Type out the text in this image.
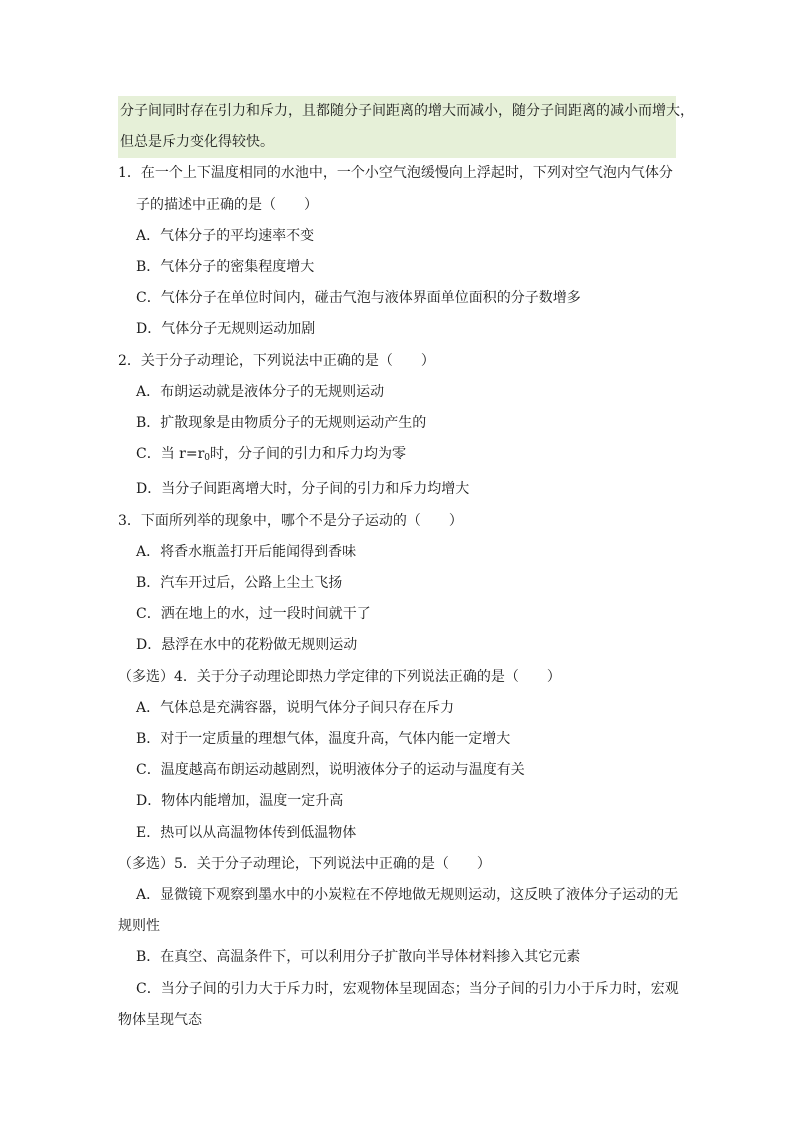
分子间同时存在引力和斥力，且都随分子间距离的增大而减小，随分子间距离的减小而增大，
但总是斥力变化得较快。
1．在一个上下温度相同的水池中，一个小空气泡缓慢向上浮起时，下列对空气泡内气体分
子的描述中正确的是（　　）
A．气体分子的平均速率不变
B．气体分子的密集程度增大
C．气体分子在单位时间内，碰击气泡与液体界面单位面积的分子数增多
D．气体分子无规则运动加剧
2．关于分子动理论，下列说法中正确的是（　　）
A．布朗运动就是液体分子的无规则运动
B．扩散现象是由物质分子的无规则运动产生的
C．当 $r=r_0$时，分子间的引力和斥力均为零
D．当分子间距离增大时，分子间的引力和斥力均增大
3．下面所列举的现象中，哪个不是分子运动的（　　）
A．将香水瓶盖打开后能闻得到香味
B．汽车开过后，公路上尘土飞扬
C．洒在地上的水，过一段时间就干了
D．悬浮在水中的花粉做无规则运动
（多选）4．关于分子动理论即热力学定律的下列说法正确的是（　　）
A．气体总是充满容器，说明气体分子间只存在斥力
B．对于一定质量的理想气体，温度升高，气体内能一定增大
C．温度越高布朗运动越剧烈，说明液体分子的运动与温度有关
D．物体内能增加，温度一定升高
E．热可以从高温物体传到低温物体
（多选）5．关于分子动理论，下列说法中正确的是（　　）
A．显微镜下观察到墨水中的小炭粒在不停地做无规则运动，这反映了液体分子运动的无
规则性
B．在真空、高温条件下，可以利用分子扩散向半导体材料掺入其它元素
C．当分子间的引力大于斥力时，宏观物体呈现固态；当分子间的引力小于斥力时，宏观
物体呈现气态
